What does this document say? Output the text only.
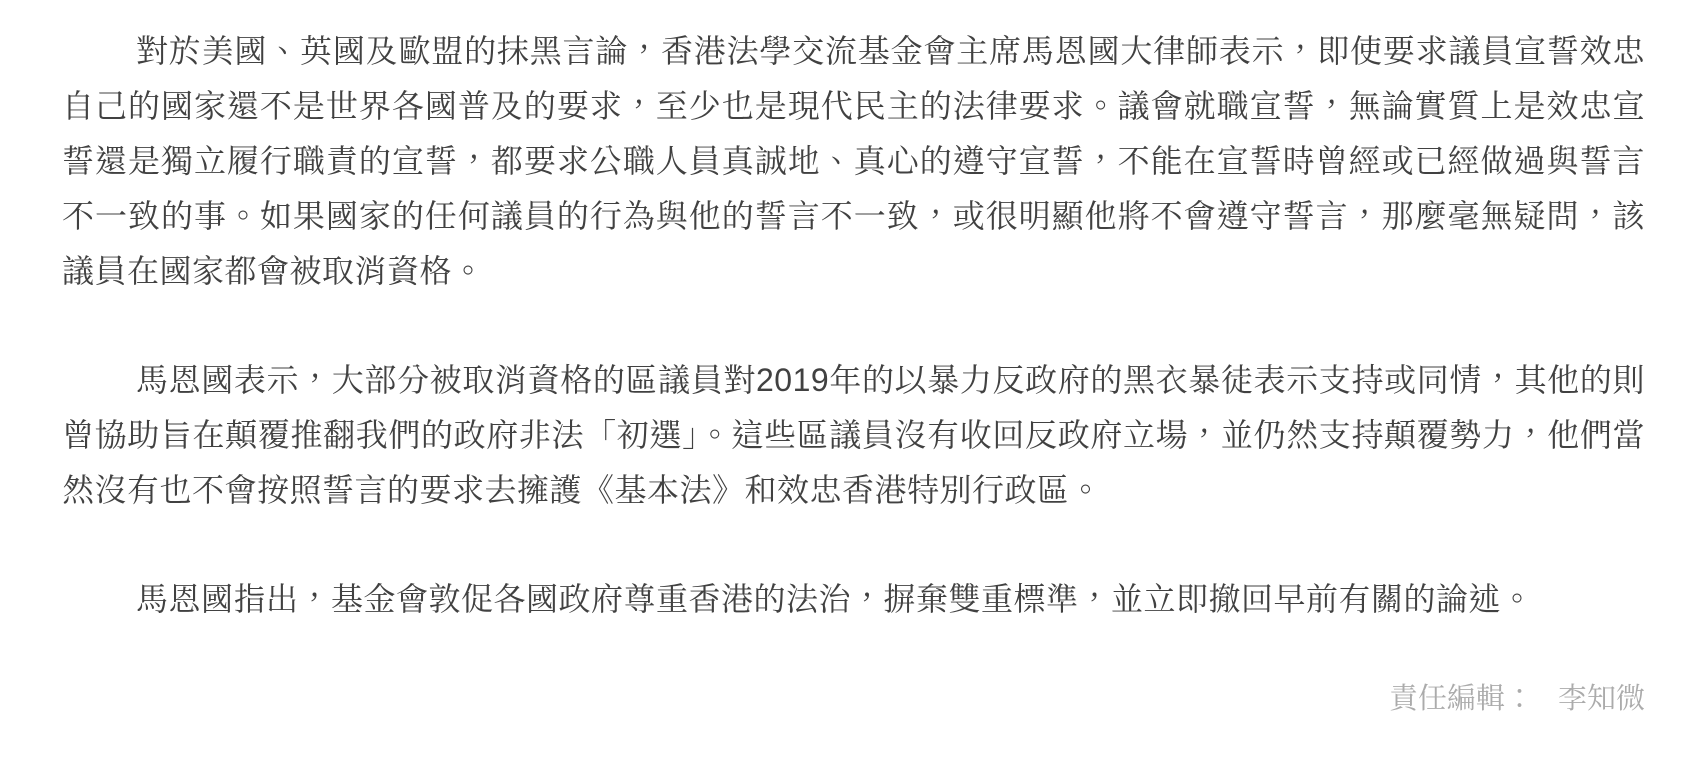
對於美國、英國及歐盟的抹黑言論，香港法學交流基金會主席馬恩國大律師表示，即使要求議員宣誓效忠自己的國家還不是世界各國普及的要求，至少也是現代民主的法律要求。議會就職宣誓，無論實質上是效忠宣誓還是獨立履行職責的宣誓，都要求公職人員真誠地、真心的遵守宣誓，不能在宣誓時曾經或已經做過與誓言不一致的事。如果國家的任何議員的行為與他的誓言不一致，或很明顯他將不會遵守誓言，那麼毫無疑問，該議員在國家都會被取消資格。

馬恩國表示，大部分被取消資格的區議員對2019年的以暴力反政府的黑衣暴徒表示支持或同情，其他的則曾協助旨在顛覆推翻我們的政府非法「初選」。這些區議員沒有收回反政府立場，並仍然支持顛覆勢力，他們當然沒有也不會按照誓言的要求去擁護《基本法》和效忠香港特別行政區。

馬恩國指出，基金會敦促各國政府尊重香港的法治，摒棄雙重標準，並立即撤回早前有關的論述。

責任編輯： 李知微
